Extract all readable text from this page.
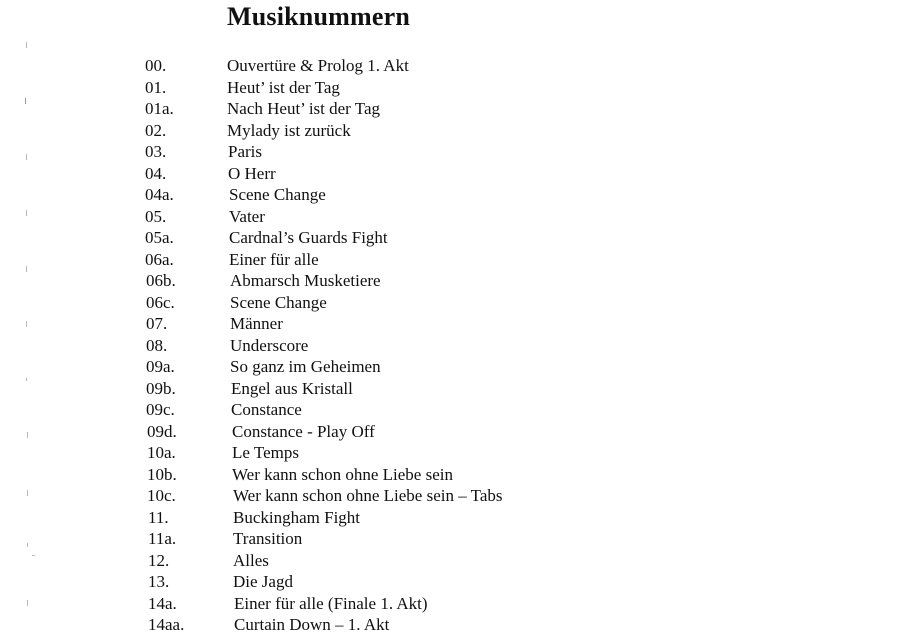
Musiknummern
00.	Ouvertüre & Prolog 1. Akt
01.	Heut’ ist der Tag
01a.	Nach Heut’ ist der Tag
02.	Mylady ist zurück
03.	Paris
04.	O Herr
04a.	Scene Change
05.	Vater
05a.	Cardnal’s Guards Fight
06a.	Einer für alle
06b.	Abmarsch Musketiere
06c.	Scene Change
07.	Männer
08.	Underscore
09a.	So ganz im Geheimen
09b.	Engel aus Kristall
09c.	Constance
09d.	Constance - Play Off
10a.	Le Temps
10b.	Wer kann schon ohne Liebe sein
10c.	Wer kann schon ohne Liebe sein – Tabs
11.	Buckingham Fight
11a.	Transition
12.	Alles
13.	Die Jagd
14a.	Einer für alle (Finale 1. Akt)
14aa.	Curtain Down – 1. Akt
